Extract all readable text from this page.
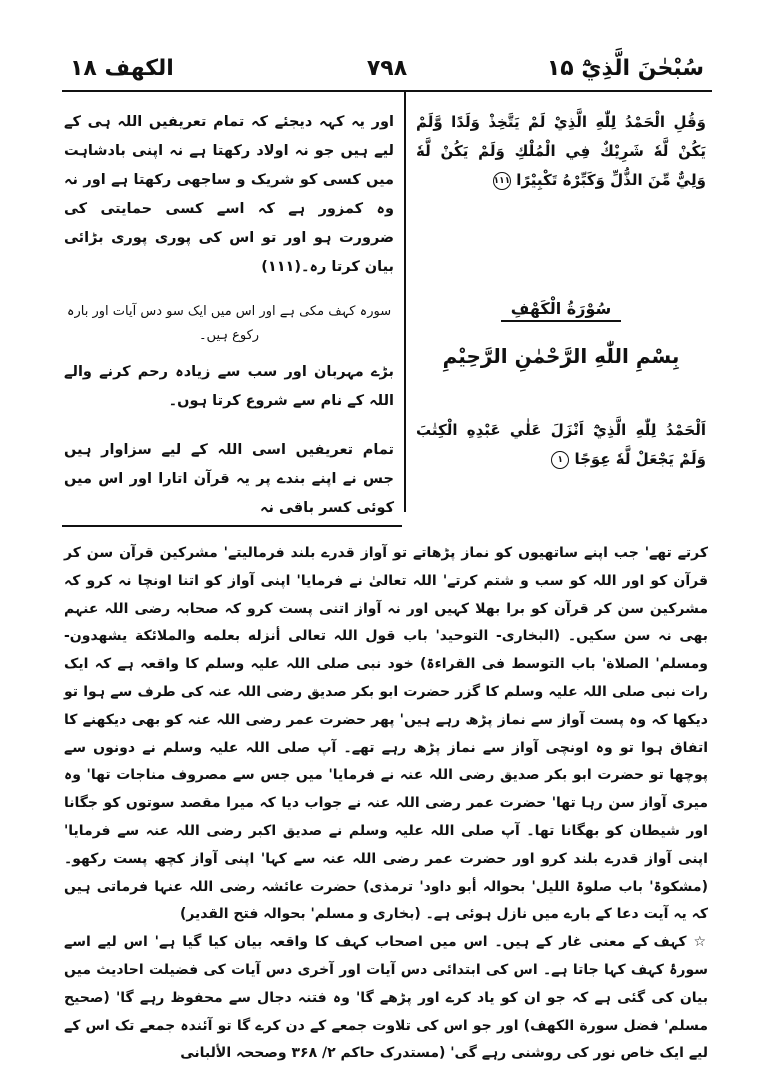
سُبْحٰنَ الَّذِيْٓ ۱۵
۷۹۸
الکھف ۱۸

وَقُلِ الْحَمْدُ لِلّٰهِ الَّذِيْ لَمْ يَتَّخِذْ وَلَدًا وَّلَمْ يَكُنْ لَّهٗ شَرِيْكٌ فِي الْمُلْكِ وَلَمْ يَكُنْ لَّهٗ وَلِيٌّ مِّنَ الذُّلِّ وَكَبِّرْهُ تَكْبِيْرًا ۱۱۱

سُوْرَةُ الْكَهْفِ

بِسْمِ اللّٰهِ الرَّحْمٰنِ الرَّحِيْمِ

اَلْحَمْدُ لِلّٰهِ الَّذِيْٓ اَنْزَلَ عَلٰي عَبْدِهِ الْكِتٰبَ وَلَمْ يَجْعَلْ لَّهٗ عِوَجًا ۱

اور یہ کہہ دیجئے کہ تمام تعریفیں اللہ ہی کے لیے ہیں جو نہ اولاد رکھتا ہے نہ اپنی بادشاہت میں کسی کو شریک و ساجھی رکھتا ہے اور نہ وہ کمزور ہے کہ اسے کسی حمایتی کی ضرورت ہو اور تو اس کی پوری پوری بڑائی بیان کرتا رہ۔(۱۱۱)

سورہ کہف مکی ہے اور اس میں ایک سو دس آیات اور بارہ رکوع ہیں۔

بڑے مہربان اور سب سے زیادہ رحم کرنے والے اللہ کے نام سے شروع کرتا ہوں۔

تمام تعریفیں اسی اللہ کے لیے سزاوار ہیں جس نے اپنے بندے پر یہ قرآن اتارا اور اس میں کوئی کسر باقی نہ

کرتے تھے' جب اپنے ساتھیوں کو نماز پڑھاتے تو آواز قدرے بلند فرمالیتے' مشرکین قرآن سن کر قرآن کو اور اللہ کو سب و شتم کرتے' اللہ تعالیٰ نے فرمایا' اپنی آواز کو اتنا اونچا نہ کرو کہ مشرکین سن کر قرآن کو برا بھلا کہیں اور نہ آواز اتنی پست کرو کہ صحابہ رضی اللہ عنہم بھی نہ سن سکیں۔ (البخاری- التوحید' باب قول اللہ تعالی أنزله بعلمه والملائكة يشهدون- ومسلم' الصلاة' باب التوسط فی القراءۃ) خود نبی صلی اللہ علیہ وسلم کا واقعہ ہے کہ ایک رات نبی صلی اللہ علیہ وسلم کا گزر حضرت ابو بکر صدیق رضی اللہ عنہ کی طرف سے ہوا تو دیکھا کہ وہ پست آواز سے نماز پڑھ رہے ہیں' پھر حضرت عمر رضی اللہ عنہ کو بھی دیکھنے کا اتفاق ہوا تو وہ اونچی آواز سے نماز پڑھ رہے تھے۔ آپ صلی اللہ علیہ وسلم نے دونوں سے پوچھا تو حضرت ابو بکر صدیق رضی اللہ عنہ نے فرمایا' میں جس سے مصروف مناجات تھا' وہ میری آواز سن رہا تھا' حضرت عمر رضی اللہ عنہ نے جواب دیا کہ میرا مقصد سوتوں کو جگانا اور شیطان کو بھگانا تھا۔ آپ صلی اللہ علیہ وسلم نے صدیق اکبر رضی اللہ عنہ سے فرمایا' اپنی آواز قدرے بلند کرو اور حضرت عمر رضی اللہ عنہ سے کہا' اپنی آواز کچھ پست رکھو۔ (مشکوۃ' باب صلوۃ اللیل' بحوالہ أبو داود' ترمذی) حضرت عائشہ رضی اللہ عنہا فرماتی ہیں کہ یہ آیت دعا کے بارے میں نازل ہوئی ہے۔ (بخاری و مسلم' بحوالہ فتح القدیر)

☆ کہف کے معنی غار کے ہیں۔ اس میں اصحاب کہف کا واقعہ بیان کیا گیا ہے' اس لیے اسے سورۂ کہف کہا جاتا ہے۔ اس کی ابتدائی دس آیات اور آخری دس آیات کی فضیلت احادیث میں بیان کی گئی ہے کہ جو ان کو یاد کرے اور پڑھے گا' وہ فتنہ دجال سے محفوظ رہے گا' (صحیح مسلم' فضل سورة الکھف) اور جو اس کی تلاوت جمعے کے دن کرے گا تو آئندہ جمعے تک اس کے لیے ایک خاص نور کی روشنی رہے گی' (مستدرک حاکم ۲/ ۳۶۸ وصححہ الألبانی
